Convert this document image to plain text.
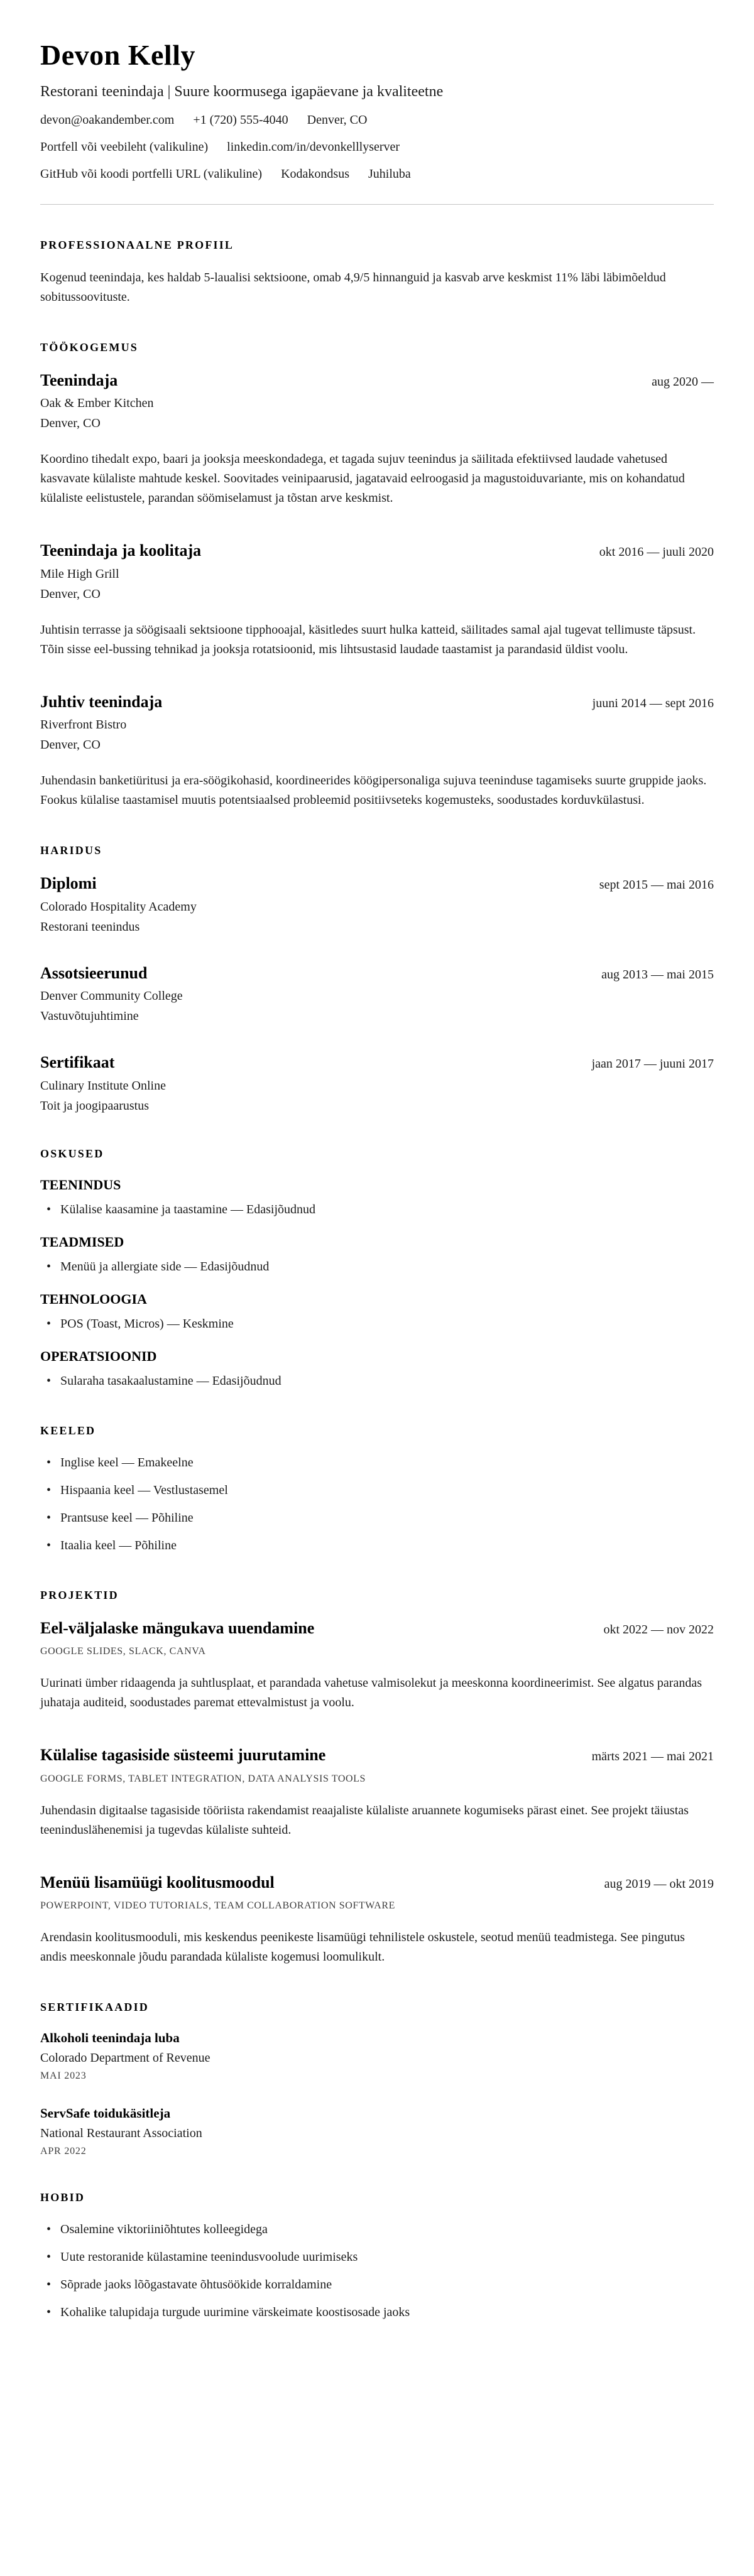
Devon Kelly

Restorani teenindaja | Suure koormusega igapäevane ja kvaliteetne

devon@oakandember.com +1 (720) 555-4040 Denver, CO
Portfell või veebileht (valikuline) linkedin.com/in/devonkelllyserver
GitHub või koodi portfelli URL (valikuline) Kodakondsus Juhiluba
PROFESSIONAALNE PROFIIL

Kogenud teenindaja, kes haldab 5-laualisi sektsioone, omab 4,9/5 hinnanguid ja kasvab arve keskmist 11% läbi läbimõeldud sobitussoovituste.

TÖÖKOGEMUS
Teenindaja	aug 2020 —

Oak & Ember Kitchen

Denver, CO

Koordino tihedalt expo, baari ja jooksja meeskondadega, et tagada sujuv teenindus ja säilitada efektiivsed laudade vahetused kasvavate külaliste mahtude keskel. Soovitades veinipaarusid, jagatavaid eelroogasid ja magustoiduvariante, mis on kohandatud külaliste eelistustele, parandan söömiselamust ja tõstan arve keskmist.

Teenindaja ja koolitaja	okt 2016 — juuli 2020

Mile High Grill

Denver, CO

Juhtisin terrasse ja söögisaali sektsioone tipphooajal, käsitledes suurt hulka katteid, säilitades samal ajal tugevat tellimuste täpsust. Tõin sisse eel-bussing tehnikad ja jooksja rotatsioonid, mis lihtsustasid laudade taastamist ja parandasid üldist voolu.

Juhtiv teenindaja	juuni 2014 — sept 2016

Riverfront Bistro

Denver, CO

Juhendasin banketiüritusi ja era-söögikohasid, koordineerides köögipersonaliga sujuva teeninduse tagamiseks suurte gruppide jaoks. Fookus külalise taastamisel muutis potentsiaalsed probleemid positiivseteks kogemusteks, soodustades korduvkülastusi.

HARIDUS
Diplomi	sept 2015 — mai 2016

Colorado Hospitality Academy

Restorani teenindus

Assotsieerunud	aug 2013 — mai 2015

Denver Community College

Vastuvõtujuhtimine

Sertifikaat	jaan 2017 — juuni 2017

Culinary Institute Online

Toit ja joogipaarustus

OSKUSED
TEENINDUS
• Külalise kaasamine ja taastamine — Edasijõudnud
TEADMISED
• Menüü ja allergiate side — Edasijõudnud
TEHNOLOOGIA
• POS (Toast, Micros) — Keskmine
OPERATSIOONID
• Sularaha tasakaalustamine — Edasijõudnud
KEELED
• Inglise keel — Emakeelne
• Hispaania keel — Vestlustasemel
• Prantsuse keel — Põhiline
• Itaalia keel — Põhiline
PROJEKTID
Eel-väljalaske mängukava uuendamine	okt 2022 — nov 2022

GOOGLE SLIDES, SLACK, CANVA

Uurinati ümber ridaagenda ja suhtlusplaat, et parandada vahetuse valmisolekut ja meeskonna koordineerimist. See algatus parandas juhataja auditeid, soodustades paremat ettevalmistust ja voolu.

Külalise tagasiside süsteemi juurutamine	märts 2021 — mai 2021

GOOGLE FORMS, TABLET INTEGRATION, DATA ANALYSIS TOOLS

Juhendasin digitaalse tagasiside tööriista rakendamist reaajaliste külaliste aruannete kogumiseks pärast einet. See projekt täiustas teeninduslähenemisi ja tugevdas külaliste suhteid.

Menüü lisamüügi koolitusmoodul	aug 2019 — okt 2019

POWERPOINT, VIDEO TUTORIALS, TEAM COLLABORATION SOFTWARE

Arendasin koolitusmooduli, mis keskendus peenikeste lisamüügi tehnilistele oskustele, seotud menüü teadmistega. See pingutus andis meeskonnale jõudu parandada külaliste kogemusi loomulikult.

SERTIFIKAADID
Alkoholi teenindaja luba

Colorado Department of Revenue

MAI 2023

ServSafe toidukäsitleja

National Restaurant Association

APR 2022

HOBID
• Osalemine viktoriiniõhtutes kolleegidega
• Uute restoranide külastamine teenindusvoolude uurimiseks
• Sõprade jaoks lõõgastavate õhtusöökide korraldamine
• Kohalike talupidaja turgude uurimine värskeimate koostisosade jaoks
